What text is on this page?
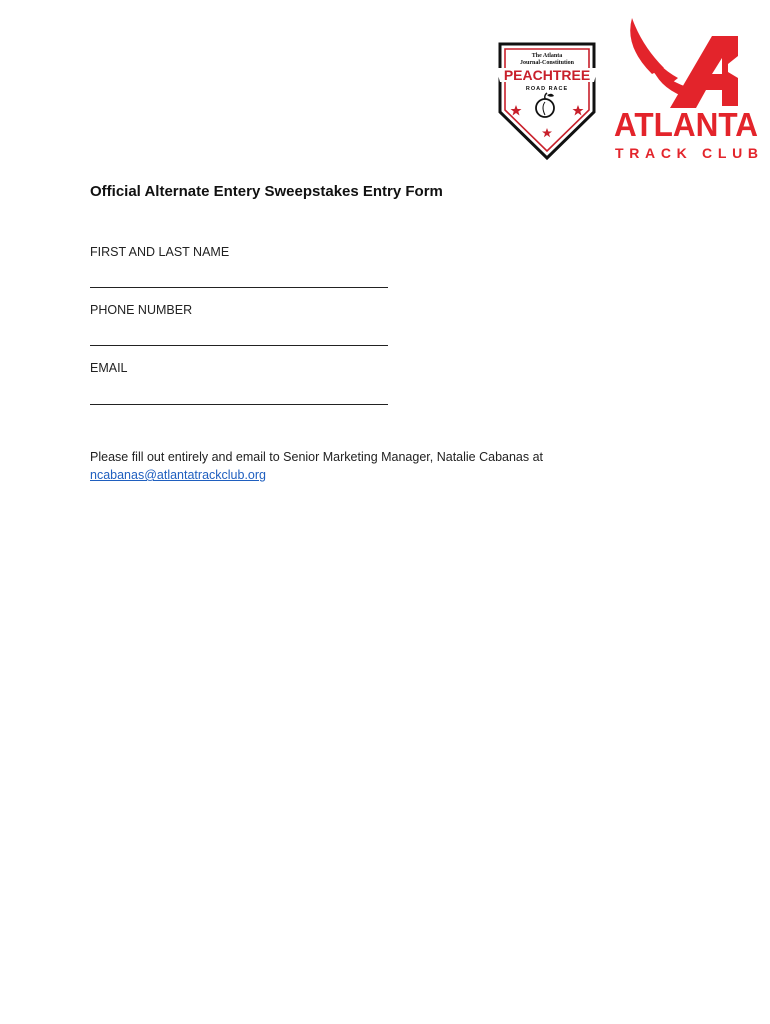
The Atlanta
Journal-Constitution
PEACHTREE
ROAD RACE
ATLANTA
TRACK CLUB
Official Alternate Entery Sweepstakes Entry Form
FIRST AND LAST NAME
PHONE NUMBER
EMAIL
Please fill out entirely and email to Senior Marketing Manager, Natalie Cabanas at
ncabanas@atlantatrackclub.org
